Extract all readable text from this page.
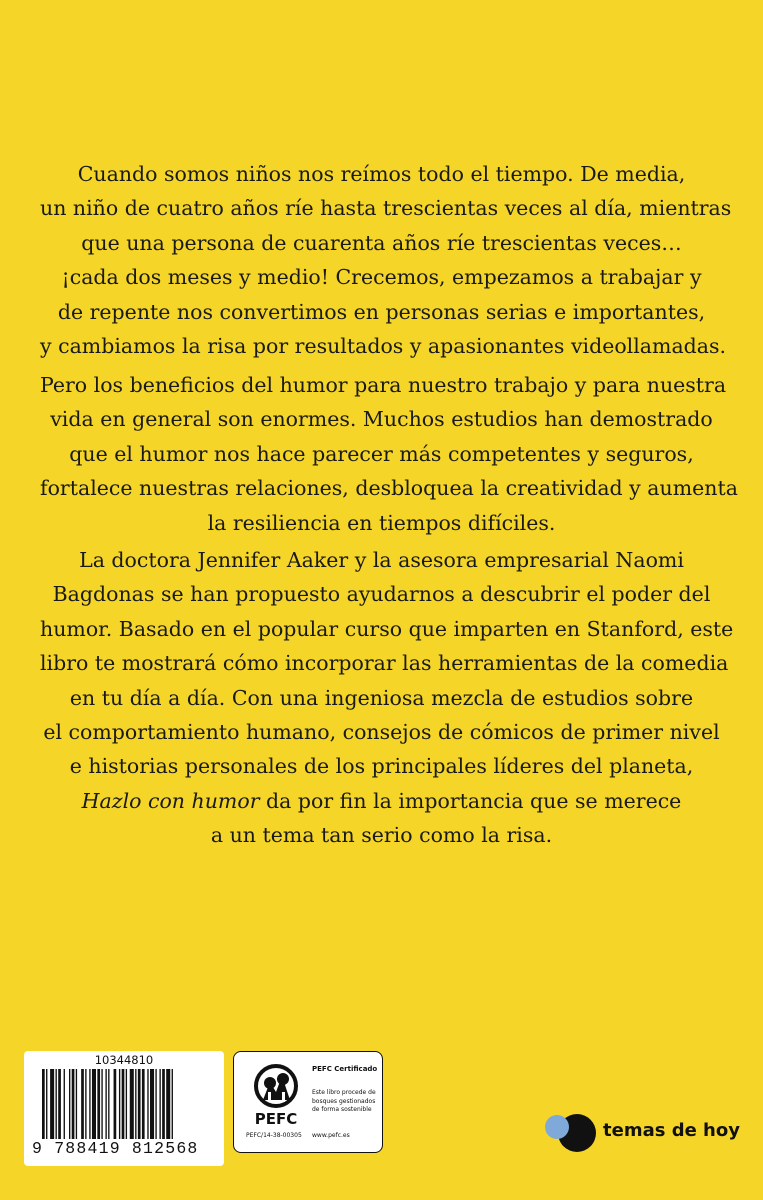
Cuando somos niños nos reímos todo el tiempo. De media,
un niño de cuatro años ríe hasta trescientas veces al día, mientras
que una persona de cuarenta años ríe trescientas veces…
¡cada dos meses y medio! Crecemos, empezamos a trabajar y
de repente nos convertimos en personas serias e importantes,
y cambiamos la risa por resultados y apasionantes videollamadas.
Pero los beneficios del humor para nuestro trabajo y para nuestra
vida en general son enormes. Muchos estudios han demostrado
que el humor nos hace parecer más competentes y seguros,
fortalece nuestras relaciones, desbloquea la creatividad y aumenta
la resiliencia en tiempos difíciles.
La doctora Jennifer Aaker y la asesora empresarial Naomi
Bagdonas se han propuesto ayudarnos a descubrir el poder del
humor. Basado en el popular curso que imparten en Stanford, este
libro te mostrará cómo incorporar las herramientas de la comedia
en tu día a día. Con una ingeniosa mezcla de estudios sobre
el comportamiento humano, consejos de cómicos de primer nivel
e historias personales de los principales líderes del planeta,
Hazlo con humor da por fin la importancia que se merece
a un tema tan serio como la risa.
10344810
9 788419 812568
PEFC
PEFC Certificado
Este libro procede de bosques gestionados de forma sostenible
PEFC/14-38-00305 www.pefc.es	temas de hoy
